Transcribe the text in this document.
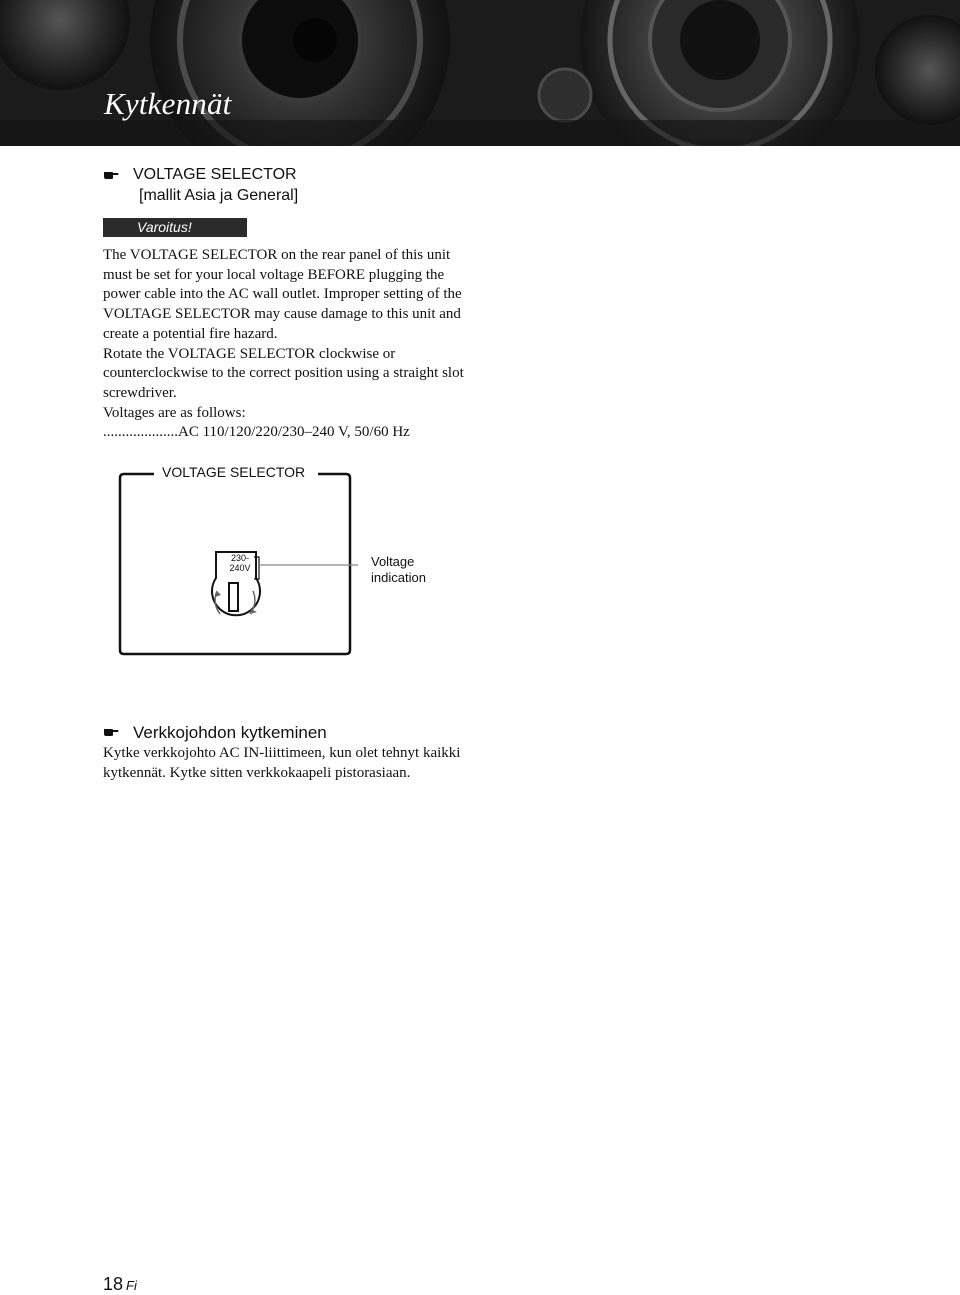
Kytkennät
VOLTAGE SELECTOR
[mallit Asia ja General]
Varoitus!

The VOLTAGE SELECTOR on the rear panel of this unit must be set for your local voltage BEFORE plugging the power cable into the AC wall outlet. Improper setting of the VOLTAGE SELECTOR may cause damage to this unit and create a potential fire hazard.

Rotate the VOLTAGE SELECTOR clockwise or counterclockwise to the correct position using a straight slot screwdriver.

Voltages are as follows:

....................AC 110/120/220/230–240 V, 50/60 Hz

VOLTAGE SELECTOR
230-
240V	Voltage
indication
Verkkojohdon kytkeminen

Kytke verkkojohto AC IN-liittimeen, kun olet tehnyt kaikki kytkennät. Kytke sitten verkkokaapeli pistorasiaan.

18 Fi
